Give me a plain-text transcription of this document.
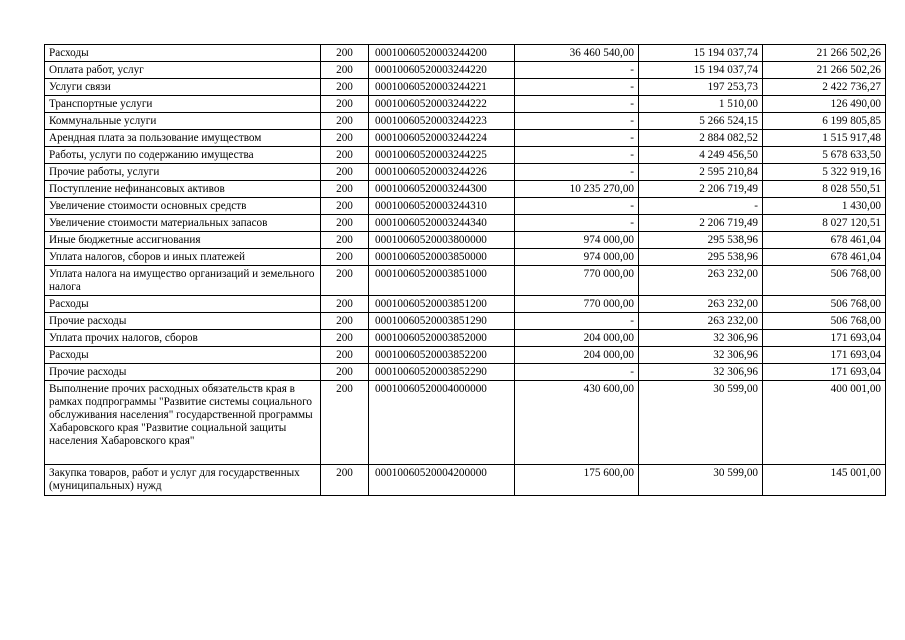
Расходы	200	00010060520003244200	36 460 540,00	15 194 037,74	21 266 502,26
Оплата работ, услуг	200	00010060520003244220	-	15 194 037,74	21 266 502,26
Услуги связи	200	00010060520003244221	-	197 253,73	2 422 736,27
Транспортные услуги	200	00010060520003244222	-	1 510,00	126 490,00
Коммунальные услуги	200	00010060520003244223	-	5 266 524,15	6 199 805,85
Арендная плата за пользование имуществом	200	00010060520003244224	-	2 884 082,52	1 515 917,48
Работы, услуги по содержанию имущества	200	00010060520003244225	-	4 249 456,50	5 678 633,50
Прочие работы, услуги	200	00010060520003244226	-	2 595 210,84	5 322 919,16
Поступление нефинансовых активов	200	00010060520003244300	10 235 270,00	2 206 719,49	8 028 550,51
Увеличение стоимости основных средств	200	00010060520003244310	-	-	1 430,00
Увеличение стоимости материальных запасов	200	00010060520003244340	-	2 206 719,49	8 027 120,51
Иные бюджетные ассигнования	200	00010060520003800000	974 000,00	295 538,96	678 461,04
Уплата налогов, сборов и иных платежей	200	00010060520003850000	974 000,00	295 538,96	678 461,04
Уплата налога на имущество организаций и земельного налога	200	00010060520003851000	770 000,00	263 232,00	506 768,00
Расходы	200	00010060520003851200	770 000,00	263 232,00	506 768,00
Прочие расходы	200	00010060520003851290	-	263 232,00	506 768,00
Уплата прочих налогов, сборов	200	00010060520003852000	204 000,00	32 306,96	171 693,04
Расходы	200	00010060520003852200	204 000,00	32 306,96	171 693,04
Прочие расходы	200	00010060520003852290	-	32 306,96	171 693,04
Выполнение прочих расходных обязательств края в рамках подпрограммы "Развитие системы социального обслуживания населения" государственной программы Хабаровского края "Развитие социальной защиты населения Хабаровского края"	200	00010060520004000000	430 600,00	30 599,00	400 001,00
Закупка товаров, работ и услуг для государственных (муниципальных) нужд	200	00010060520004200000	175 600,00	30 599,00	145 001,00
